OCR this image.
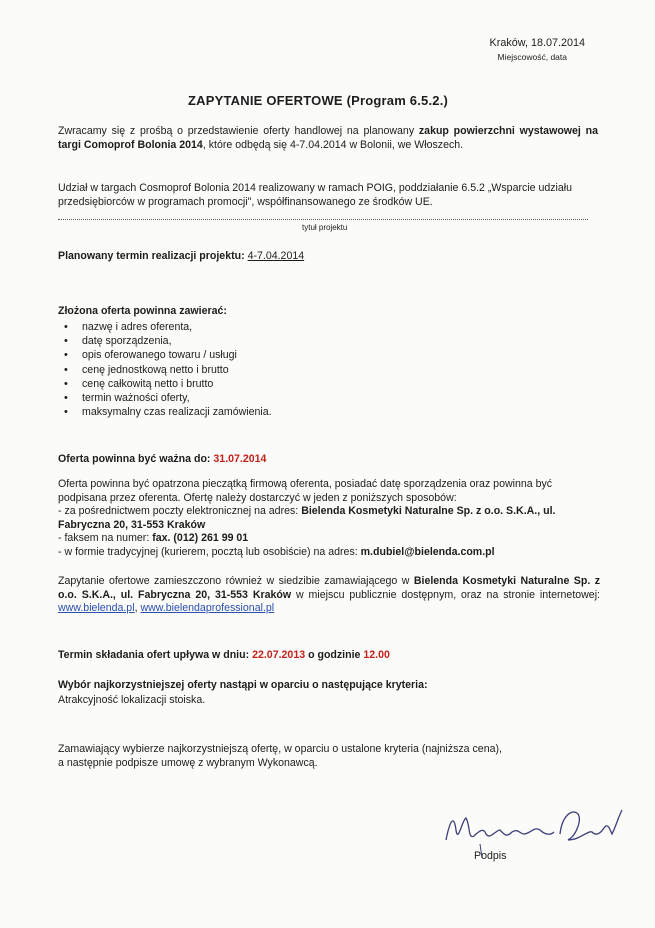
Kraków, 18.07.2014
Miejscowość, data
ZAPYTANIE OFERTOWE (Program 6.5.2.)
Zwracamy się z prośbą o przedstawienie oferty handlowej na planowany zakup powierzchni wystawowej na targi Comoprof Bolonia 2014, które odbędą się 4-7.04.2014 w Bolonii, we Włoszech.
Udział w targach Cosmoprof Bolonia 2014 realizowany w ramach POIG, poddziałanie 6.5.2 „Wsparcie udziału przedsiębiorców w programach promocji", współfinansowanego ze środków UE.
tytuł projektu
Planowany termin realizacji projektu: 4-7.04.2014
Złożona oferta powinna zawierać:
• nazwę i adres oferenta,
• datę sporządzenia,
• opis oferowanego towaru / usługi
• cenę jednostkową netto i brutto
• cenę całkowitą netto i brutto
• termin ważności oferty,
• maksymalny czas realizacji zamówienia.
Oferta powinna być ważna do: 31.07.2014
Oferta powinna być opatrzona pieczątką firmową oferenta, posiadać datę sporządzenia oraz powinna być podpisana przez oferenta. Ofertę należy dostarczyć w jeden z poniższych sposobów:
- za pośrednictwem poczty elektronicznej na adres: Bielenda Kosmetyki Naturalne Sp. z o.o. S.K.A., ul. Fabryczna 20, 31-553 Kraków
- faksem na numer: fax. (012) 261 99 01
- w formie tradycyjnej (kurierem, pocztą lub osobiście) na adres: m.dubiel@bielenda.com.pl
Zapytanie ofertowe zamieszczono również w siedzibie zamawiającego w Bielenda Kosmetyki Naturalne Sp. z o.o. S.K.A., ul. Fabryczna 20, 31-553 Kraków w miejscu publicznie dostępnym, oraz na stronie internetowej: www.bielenda.pl, www.bielendaprofessional.pl
Termin składania ofert upływa w dniu: 22.07.2013 o godzinie 12.00
Wybór najkorzystniejszej oferty nastąpi w oparciu o następujące kryteria:
Atrakcyjność lokalizacji stoiska.
Zamawiający wybierze najkorzystniejszą ofertę, w oparciu o ustalone kryteria (najniższa cena),
a następnie podpisze umowę z wybranym Wykonawcą.
Podpis
